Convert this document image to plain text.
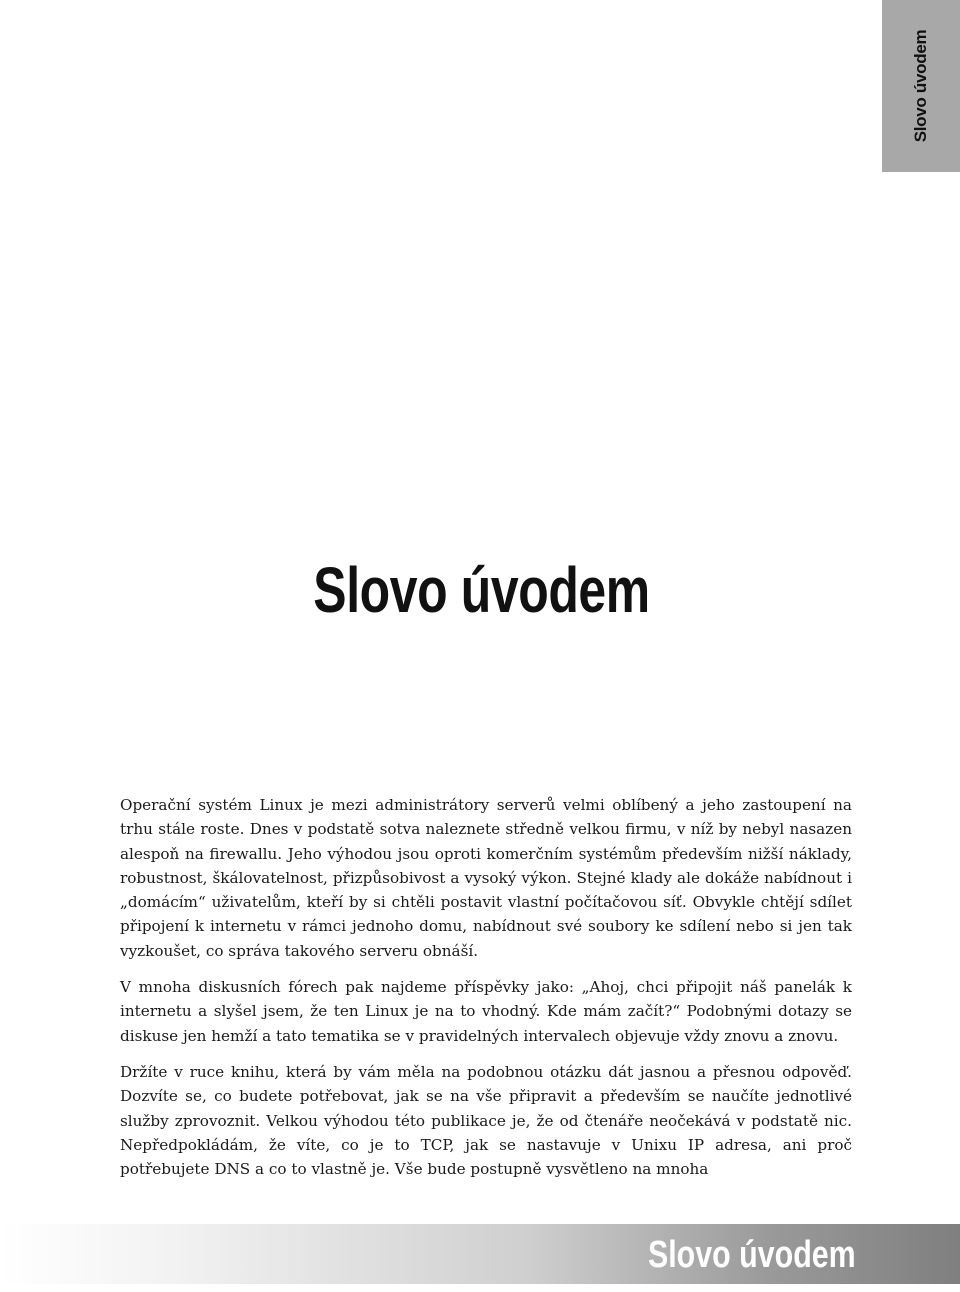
Slovo úvodem
Slovo úvodem

Operační systém Linux je mezi administrátory serverů velmi oblíbený a jeho zastoupení na trhu stále roste. Dnes v podstatě sotva naleznete středně velkou firmu, v níž by nebyl nasazen alespoň na firewallu. Jeho výhodou jsou oproti komerčním systémům především nižší náklady, robustnost, škálovatelnost, přizpůsobivost a vysoký výkon. Stejné klady ale dokáže nabídnout i „domácím“ uživatelům, kteří by si chtěli postavit vlastní počítačovou síť. Obvykle chtějí sdílet připojení k internetu v rámci jednoho domu, nabídnout své soubory ke sdílení nebo si jen tak vyzkoušet, co správa takového serveru obnáší.

V mnoha diskusních fórech pak najdeme příspěvky jako: „Ahoj, chci připojit náš panelák k internetu a slyšel jsem, že ten Linux je na to vhodný. Kde mám začít?“ Podobnými dotazy se diskuse jen hemží a tato tematika se v pravidelných intervalech objevuje vždy znovu a znovu.

Držíte v ruce knihu, která by vám měla na podobnou otázku dát jasnou a přesnou odpověď. Dozvíte se, co budete potřebovat, jak se na vše připravit a především se naučíte jednotlivé služby zprovoznit. Velkou výhodou této publikace je, že od čtenáře neočekává v podstatě nic. Nepředpokládám, že víte, co je to TCP, jak se nastavuje v Unixu IP adresa, ani proč potřebujete DNS a co to vlastně je. Vše bude postupně vysvětleno na mnoha

Slovo úvodem
